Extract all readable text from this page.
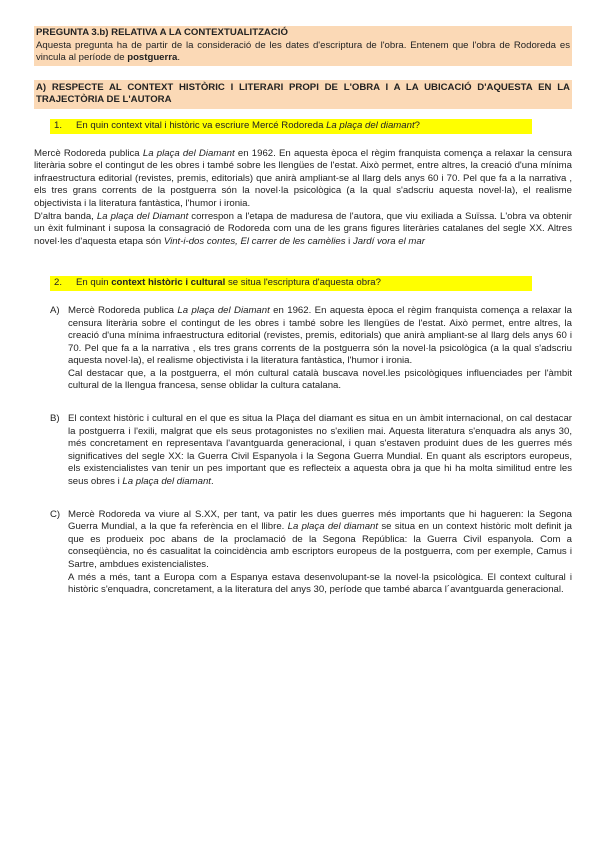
PREGUNTA 3.b) RELATIVA A LA CONTEXTUALITZACIÓ

Aquesta pregunta ha de partir de la consideració de les dates d'escriptura de l'obra. Entenem que l'obra de Rodoreda es vincula al període de postguerra.

A) RESPECTE AL CONTEXT HISTÒRIC I LITERARI PROPI DE L'OBRA I A LA UBICACIÓ D'AQUESTA EN LA TRAJECTÒRIA DE L'AUTORA
1. En quin context vital i històric va escriure Mercé Rodoreda La plaça del diamant?

Mercè Rodoreda publica La plaça del Diamant en 1962. En aquesta època el règim franquista comença a relaxar la censura literària sobre el contingut de les obres i també sobre les llengües de l'estat. Això permet, entre altres, la creació d'una mínima infraestructura editorial (revistes, premis, editorials) que anirà ampliant-se al llarg dels anys 60 i 70. Pel que fa a la narrativa , els tres grans corrents de la postguerra són la novel·la psicològica (a la qual s'adscriu aquesta novel·la), el realisme objectivista i la literatura fantàstica, l'humor i ironia.

D'altra banda, La plaça del Diamant correspon a l'etapa de maduresa de l'autora, que viu exiliada a Suïssa. L'obra va obtenir un èxit fulminant i suposa la consagració de Rodoreda com una de les grans figures literàries catalanes del segle XX. Altres novel·les d'aquesta etapa són Vint-i-dos contes, El carrer de les camèlies i Jardí vora el mar

2. En quin context històric i cultural se situa l'escriptura d'aquesta obra?
A) Mercè Rodoreda publica La plaça del Diamant en 1962. En aquesta època el règim franquista comença a relaxar la censura literària sobre el contingut de les obres i també sobre les llengües de l'estat. Això permet, entre altres, la creació d'una mínima infraestructura editorial (revistes, premis, editorials) que anirà ampliant-se al llarg dels anys 60 i 70. Pel que fa a la narrativa , els tres grans corrents de la postguerra són la novel·la psicològica (a la qual s'adscriu aquesta novel·la), el realisme objectivista i la literatura fantàstica, l'humor i ironia.

Cal destacar que, a la postguerra, el món cultural català buscava novel.les psicològiques influenciades per l'àmbit cultural de la llengua francesa, sense oblidar la cultura catalana.

B) El context històric i cultural en el que es situa la Plaça del diamant es situa en un àmbit internacional, on cal destacar la postguerra i l'exili, malgrat que els seus protagonistes no s'exilien mai. Aquesta literatura s'enquadra als anys 30, més concretament en representava l'avantguarda generacional, i quan s'estaven produint dues de les guerres més significatives del segle XX: la Guerra Civil Espanyola i la Segona Guerra Mundial. En quant als escriptors europeus, els existencialistes van tenir un pes important que es reflecteix a aquesta obra ja que hi ha molta similitud entre les seus obres i La plaça del diamant.

C) Mercè Rodoreda va viure al S.XX, per tant, va patir les dues guerres més importants que hi hagueren: la Segona Guerra Mundial, a la que fa referència en el llibre. La plaça del diamant se situa en un context històric molt definit ja que es produeix poc abans de la proclamació de la Segona República: la Guerra Civil espanyola. Com a conseqüència, no és casualitat la coincidència amb escriptors europeus de la postguerra, com per exemple, Camus i Sartre, ambdues existencialistes.

A més a més, tant a Europa com a Espanya estava desenvolupant-se la novel·la psicològica. El context cultural i històric s'enquadra, concretament, a la literatura del anys 30, període que també abarca l´avantguarda generacional.
